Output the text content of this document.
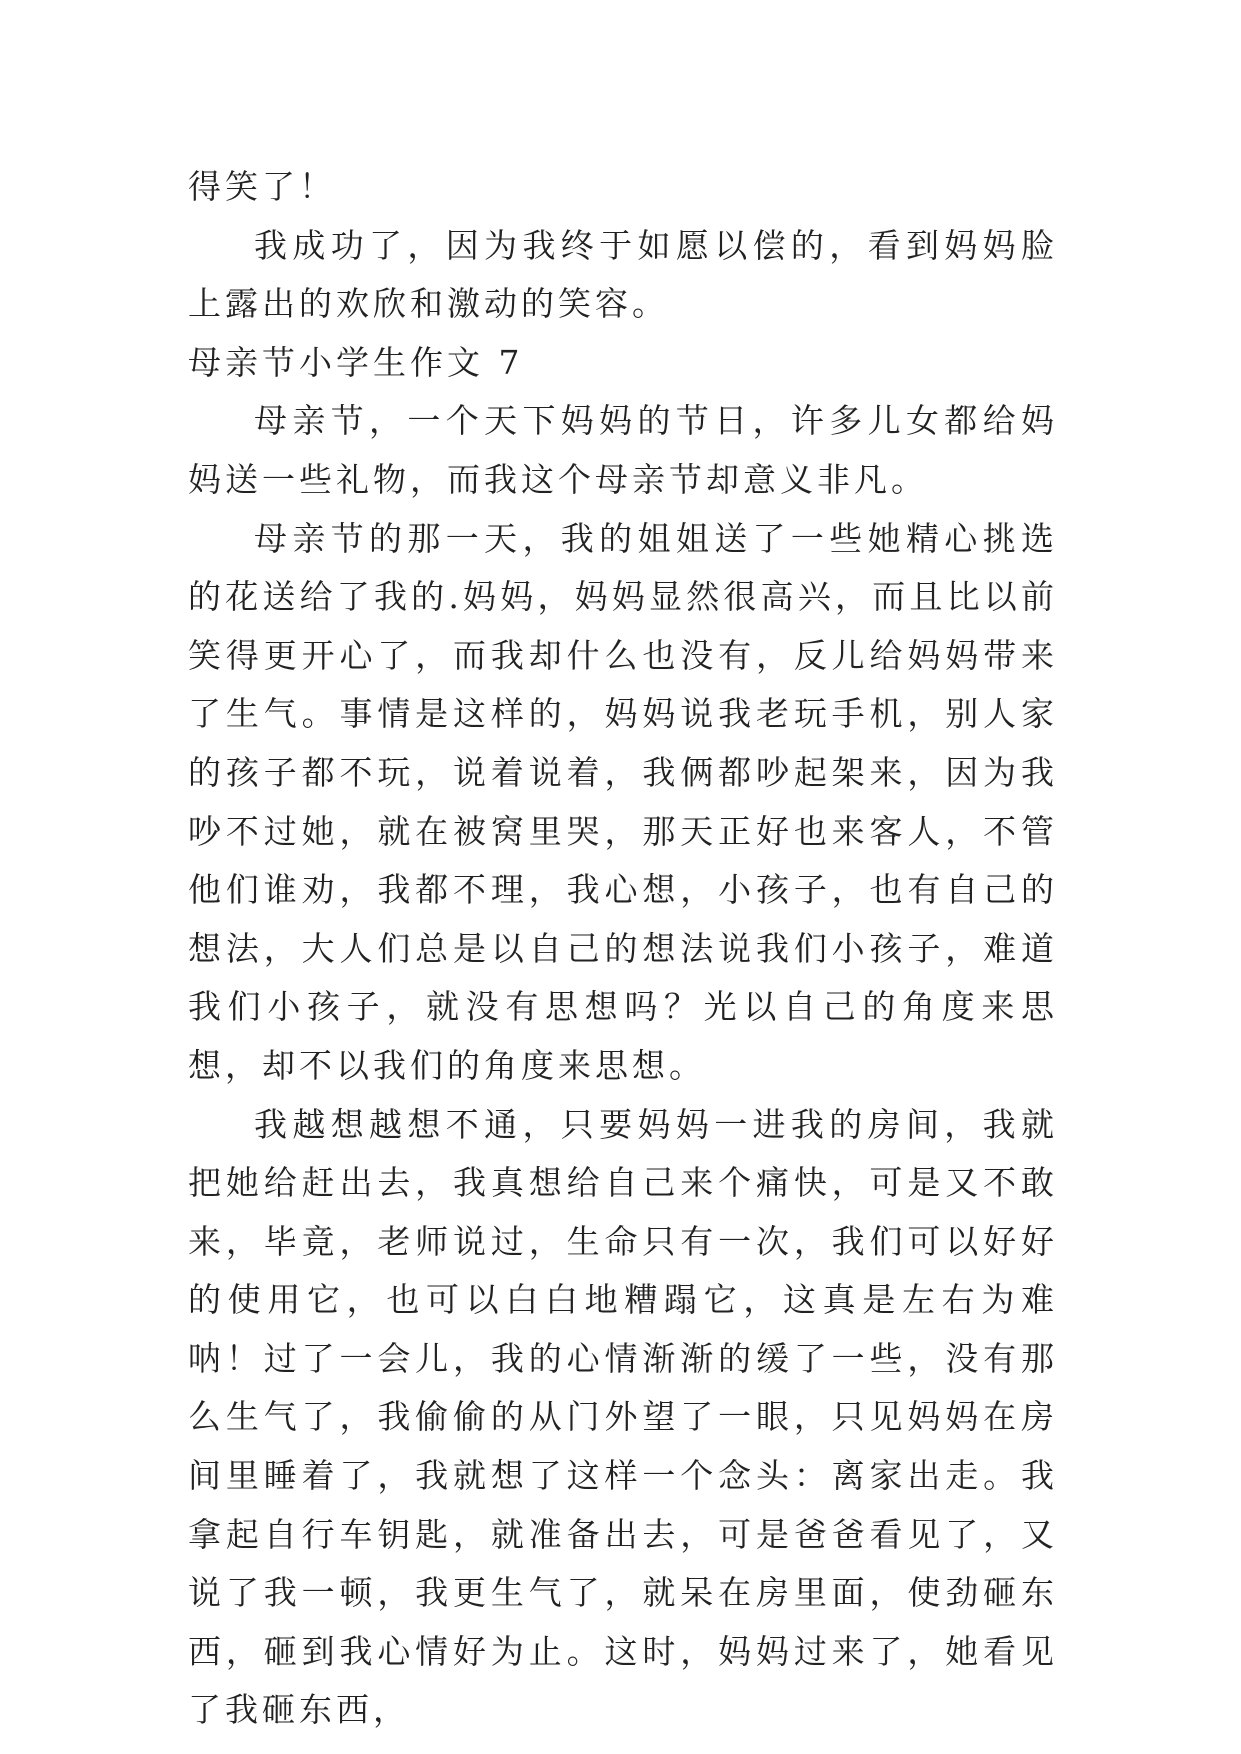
得笑了！

我成功了，因为我终于如愿以偿的，看到妈妈脸上露出的欢欣和激动的笑容。

母亲节小学生作文 7

母亲节，一个天下妈妈的节日，许多儿女都给妈妈送一些礼物，而我这个母亲节却意义非凡。

母亲节的那一天，我的姐姐送了一些她精心挑选的花送给了我的.妈妈，妈妈显然很高兴，而且比以前笑得更开心了，而我却什么也没有，反儿给妈妈带来了生气。事情是这样的，妈妈说我老玩手机，别人家的孩子都不玩，说着说着，我俩都吵起架来，因为我吵不过她，就在被窝里哭，那天正好也来客人，不管他们谁劝，我都不理，我心想，小孩子，也有自己的想法，大人们总是以自己的想法说我们小孩子，难道我们小孩子，就没有思想吗？光以自己的角度来思想，却不以我们的角度来思想。

我越想越想不通，只要妈妈一进我的房间，我就把她给赶出去，我真想给自己来个痛快，可是又不敢来，毕竟，老师说过，生命只有一次，我们可以好好的使用它，也可以白白地糟蹋它，这真是左右为难呐！过了一会儿，我的心情渐渐的缓了一些，没有那么生气了，我偷偷的从门外望了一眼，只见妈妈在房间里睡着了，我就想了这样一个念头：离家出走。我拿起自行车钥匙，就准备出去，可是爸爸看见了，又说了我一顿，我更生气了，就呆在房里面，使劲砸东西，砸到我心情好为止。这时，妈妈过来了，她看见了我砸东西，
